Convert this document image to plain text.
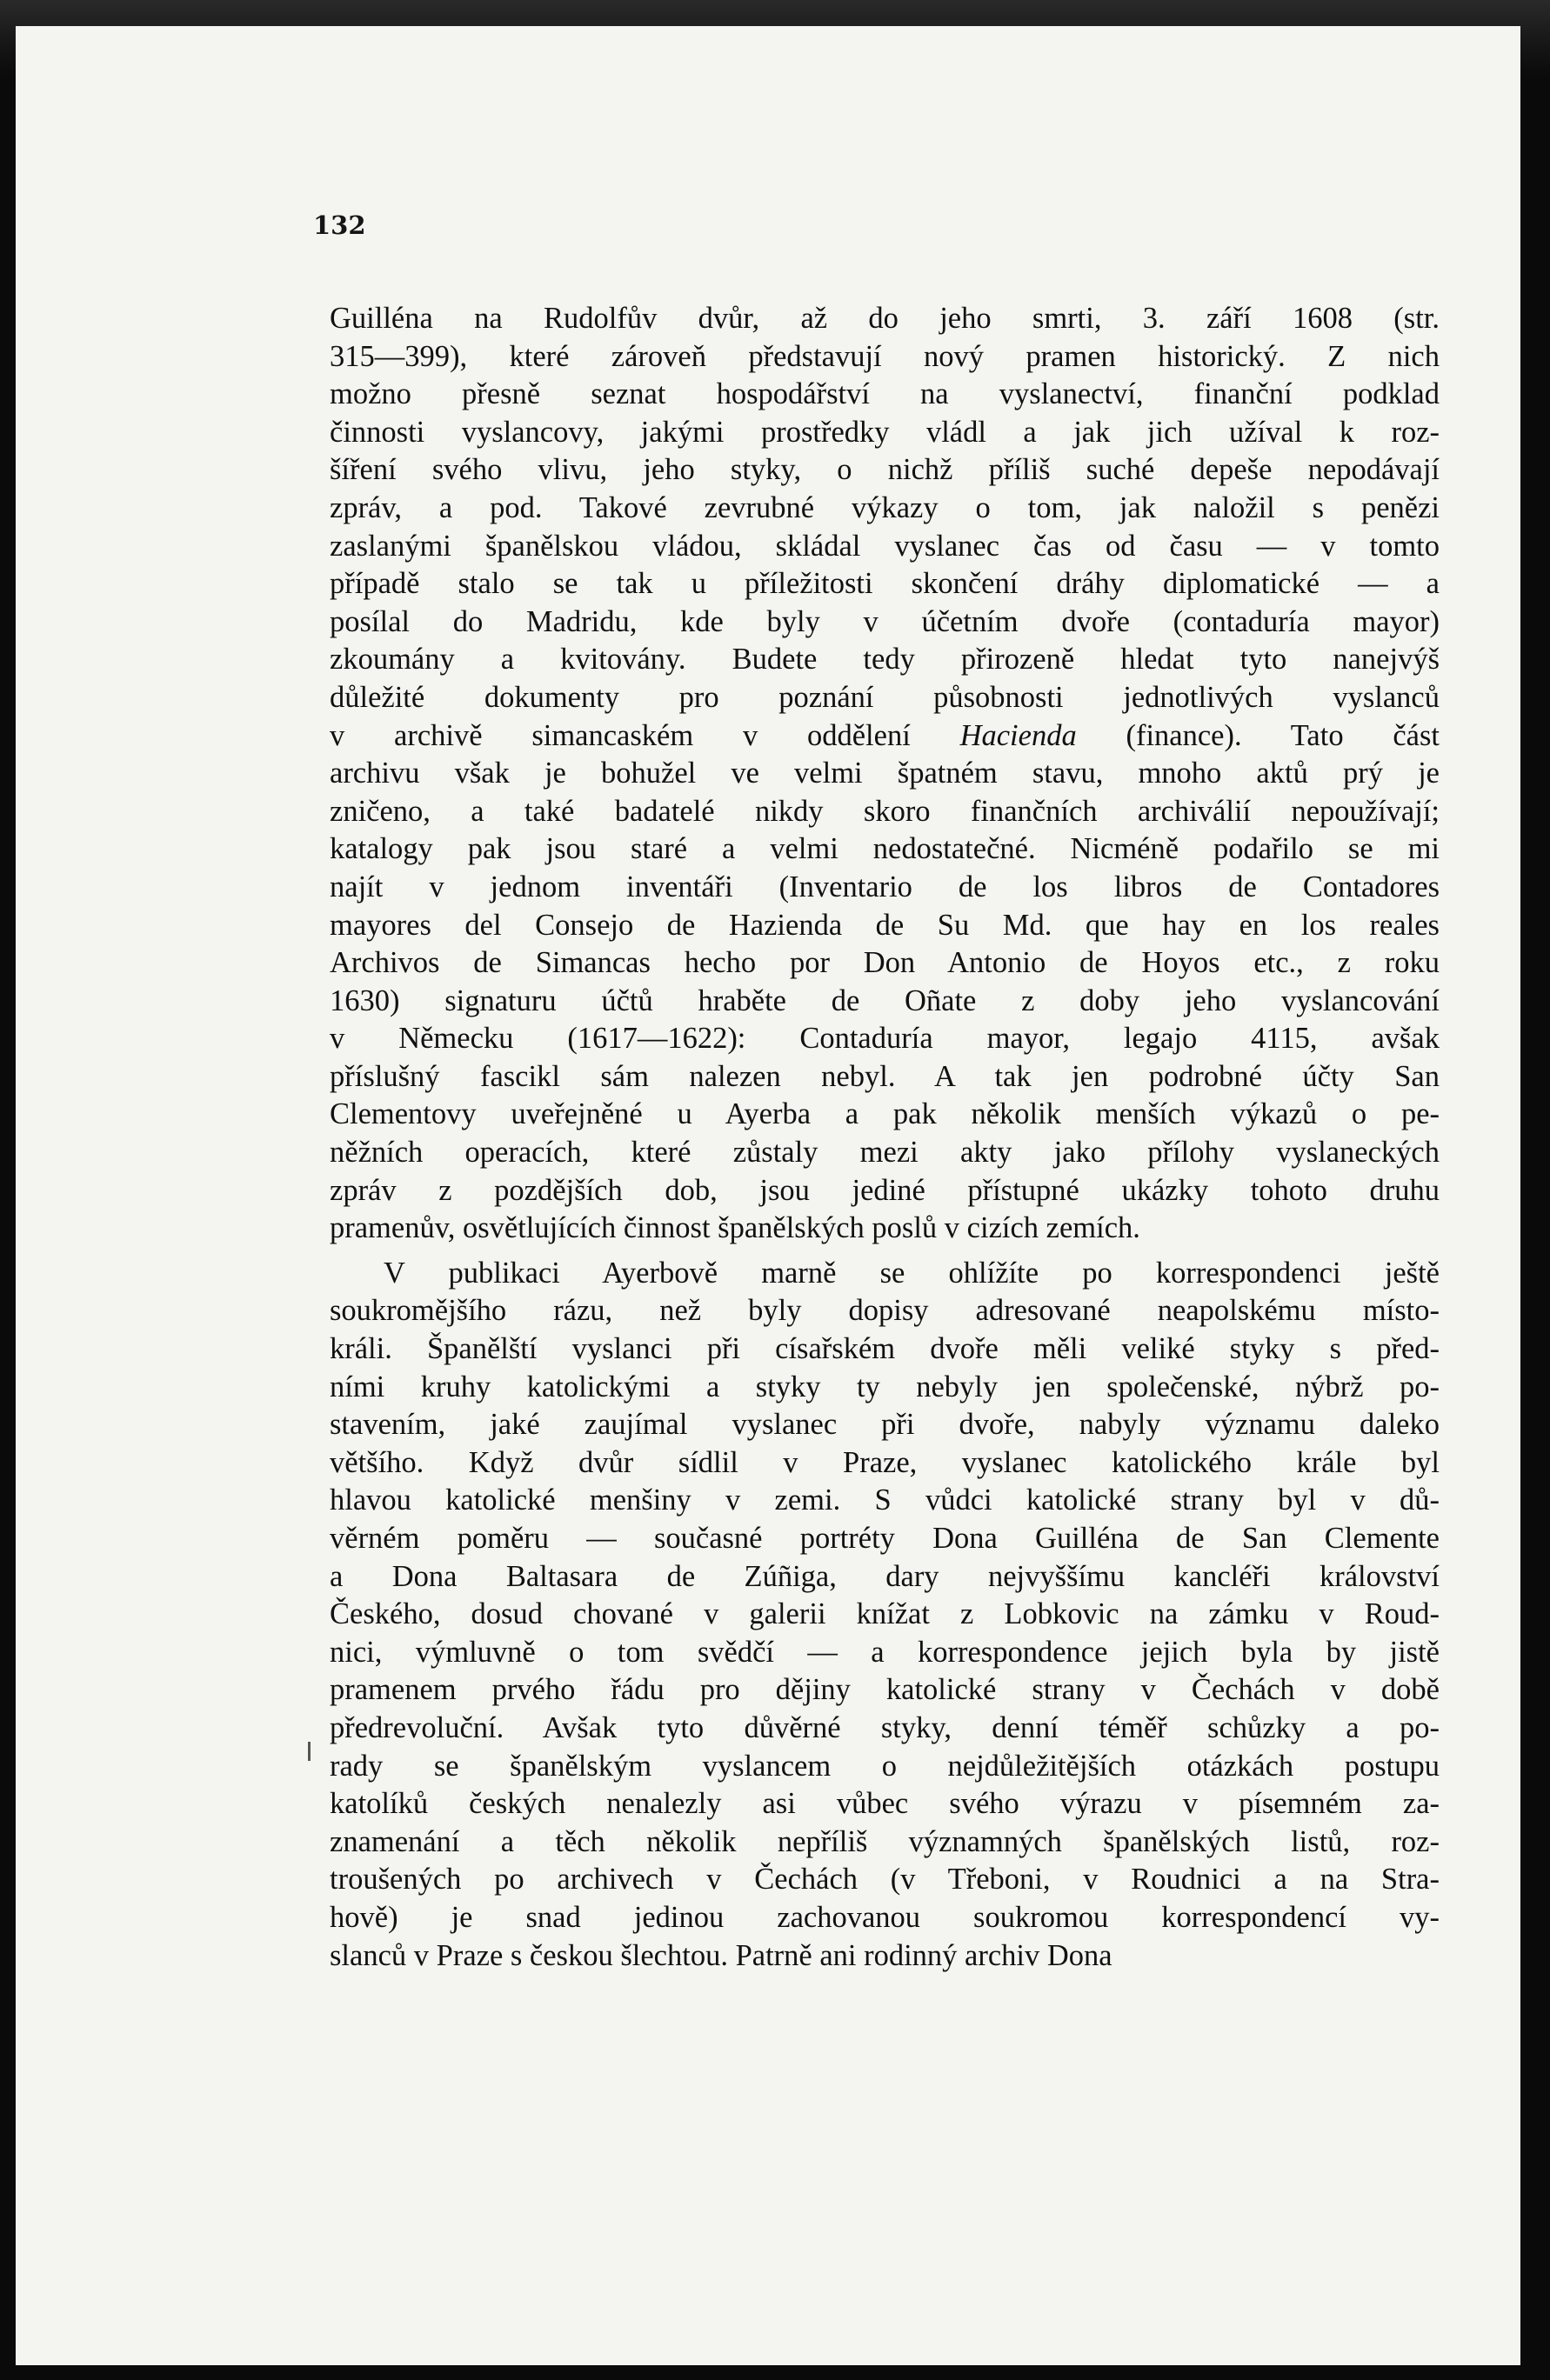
132

Guilléna na Rudolfův dvůr, až do jeho smrti, 3. září 1608 (str.
315—399), které zároveň představují nový pramen historický. Z nich
možno přesně seznat hospodářství na vyslanectví, finanční podklad
činnosti vyslancovy, jakými prostředky vládl a jak jich užíval k roz-
šíření svého vlivu, jeho styky, o nichž příliš suché depeše nepodávají
zpráv, a pod. Takové zevrubné výkazy o tom, jak naložil s penězi
zaslanými španělskou vládou, skládal vyslanec čas od času — v tomto
případě stalo se tak u příležitosti skončení dráhy diplomatické — a
posílal do Madridu, kde byly v účetním dvoře (contaduría mayor)
zkoumány a kvitovány. Budete tedy přirozeně hledat tyto nanejvýš
důležité dokumenty pro poznání působnosti jednotlivých vyslanců
v archivě simancaském v oddělení Hacienda (finance). Tato část
archivu však je bohužel ve velmi špatném stavu, mnoho aktů prý je
zničeno, a také badatelé nikdy skoro finančních archiválií nepoužívají;
katalogy pak jsou staré a velmi nedostatečné. Nicméně podařilo se mi
najít v jednom inventáři (Inventario de los libros de Contadores
mayores del Consejo de Hazienda de Su Md. que hay en los reales
Archivos de Simancas hecho por Don Antonio de Hoyos etc., z roku
1630) signaturu účtů hraběte de Oñate z doby jeho vyslancování
v Německu (1617—1622): Contaduría mayor, legajo 4115, avšak
příslušný fascikl sám nalezen nebyl. A tak jen podrobné účty San
Clementovy uveřejněné u Ayerba a pak několik menších výkazů o pe-
něžních operacích, které zůstaly mezi akty jako přílohy vyslaneckých
zpráv z pozdějších dob, jsou jediné přístupné ukázky tohoto druhu
pramenův, osvětlujících činnost španělských poslů v cizích zemích.

V publikaci Ayerbově marně se ohlížíte po korrespondenci ještě
soukromějšího rázu, než byly dopisy adresované neapolskému místo-
králi. Španělští vyslanci při císařském dvoře měli veliké styky s před-
ními kruhy katolickými a styky ty nebyly jen společenské, nýbrž po-
stavením, jaké zaujímal vyslanec při dvoře, nabyly významu daleko
většího. Když dvůr sídlil v Praze, vyslanec katolického krále byl
hlavou katolické menšiny v zemi. S vůdci katolické strany byl v dů-
věrném poměru — současné portréty Dona Guilléna de San Clemente
a Dona Baltasara de Zúñiga, dary nejvyššímu kancléři království
Českého, dosud chované v galerii knížat z Lobkovic na zámku v Roud-
nici, výmluvně o tom svědčí — a korrespondence jejich byla by jistě
pramenem prvého řádu pro dějiny katolické strany v Čechách v době
předrevoluční. Avšak tyto důvěrné styky, denní téměř schůzky a po-
rady se španělským vyslancem o nejdůležitějších otázkách postupu
katolíků českých nenalezly asi vůbec svého výrazu v písemném za-
znamenání a těch několik nepříliš významných španělských listů, roz-
troušených po archivech v Čechách (v Třeboni, v Roudnici a na Stra-
hově) je snad jedinou zachovanou soukromou korrespondencí vy-
slanců v Praze s českou šlechtou. Patrně ani rodinný archiv Dona
